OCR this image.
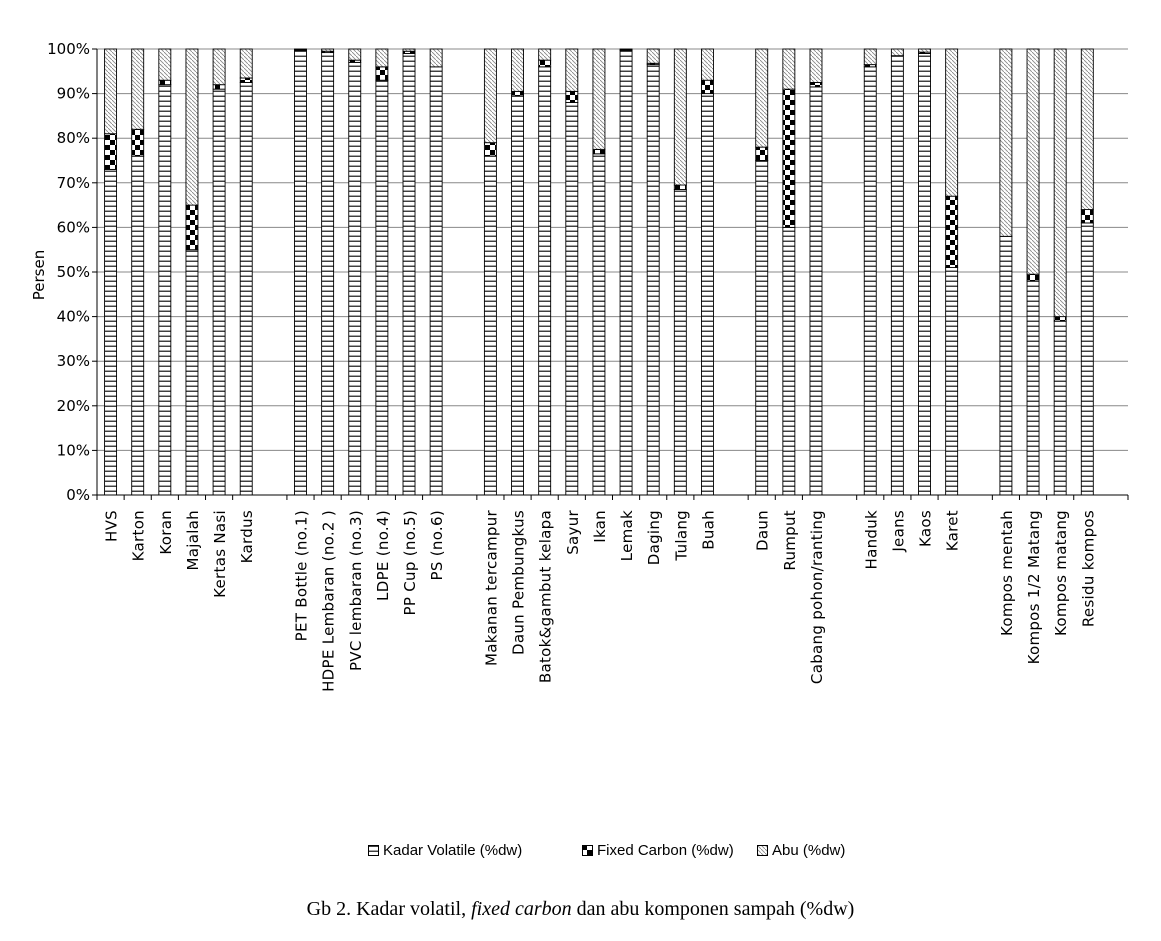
0%
10%
20%
30%
40%
50%
60%
70%
80%
90%
100%
HVS Karton Koran Majalah Kertas Nasi Kardus PET Bottle (no.1) HDPE Lembaran (no.2 ) PVC lembaran (no.3) LDPE (no.4) PP Cup (no.5) PS (no.6) Makanan tercampur Daun Pembungkus Batok&gambut kelapa Sayur Ikan Lemak Daging Tulang Buah Daun Rumput Cabang pohon/ranting Handuk Jeans Kaos Karet Kompos mentah Kompos 1/2 Matang Kompos matang Residu kompos
Persen
Kadar Volatile (%dw)	Fixed Carbon (%dw)	Abu (%dw)
Gb 2. Kadar volatil, fixed carbon dan abu komponen sampah (%dw)
